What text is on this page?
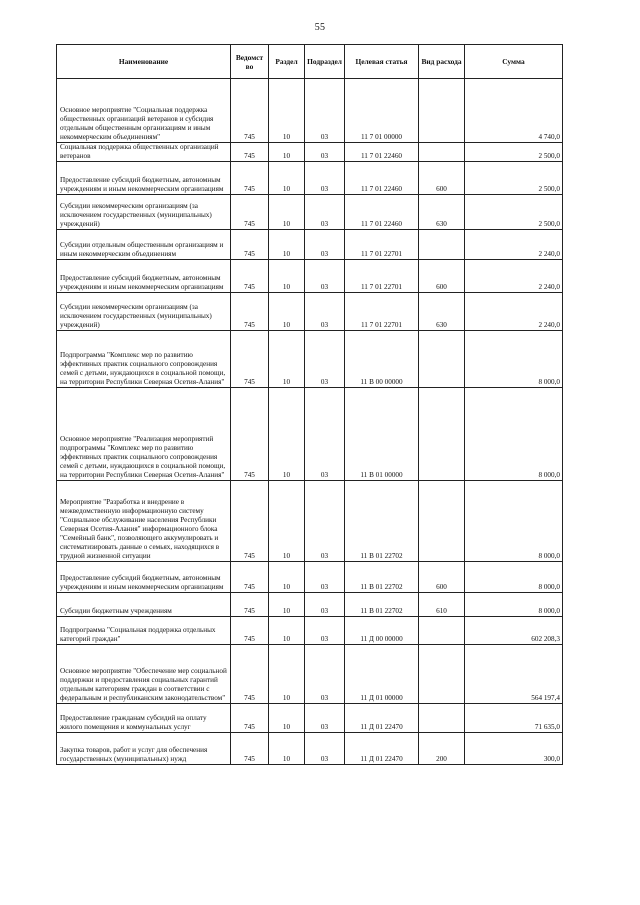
55
Наименование	Ведомст во	Раздел	Подраздел	Целевая статья	Вид расхода	Сумма
Основное мероприятие "Социальная поддержка общественных организаций ветеранов и субсидия отдельным общественным организациям и иным некоммерческим объединениям"	745	10	03	11 7 01 00000		4 740,0
Социальная поддержка общественных организаций ветеранов	745	10	03	11 7 01 22460		2 500,0
Предоставление субсидий бюджетным, автономным учреждениям и иным некоммерческим организациям	745	10	03	11 7 01 22460	600	2 500,0
Субсидии некоммерческим организациям (за исключением государственных (муниципальных) учреждений)	745	10	03	11 7 01 22460	630	2 500,0
Субсидии отдельным общественным организациям и иным некоммерческим объединениям	745	10	03	11 7 01 22701		2 240,0
Предоставление субсидий бюджетным, автономным учреждениям и иным некоммерческим организациям	745	10	03	11 7 01 22701	600	2 240,0
Субсидии некоммерческим организациям (за исключением государственных (муниципальных) учреждений)	745	10	03	11 7 01 22701	630	2 240,0
Подпрограмма "Комплекс мер по развитию эффективных практик социального сопровождения семей с детьми, нуждающихся в социальной помощи, на территории Республики Северная Осетия-Алания"	745	10	03	11 В 00 00000		8 000,0
Основное мероприятие "Реализация мероприятий подпрограммы "Комплекс мер по развитию эффективных практик социального сопровождения семей с детьми, нуждающихся в социальной помощи, на территории Республики Северная Осетия-Алания"	745	10	03	11 В 01 00000		8 000,0
Мероприятие "Разработка и внедрение в межведомственную информационную систему "Социальное обслуживание населения Республики Северная Осетия-Алания" информационного блока "Семейный банк", позволяющего аккумулировать и систематизировать данные о семьях, находящихся в трудной жизненной ситуации	745	10	03	11 В 01 22702		8 000,0
Предоставление субсидий бюджетным, автономным учреждениям и иным некоммерческим организациям	745	10	03	11 В 01 22702	600	8 000,0
Субсидии бюджетным учреждениям	745	10	03	11 В 01 22702	610	8 000,0
Подпрограмма "Социальная поддержка отдельных категорий граждан"	745	10	03	11 Д 00 00000		602 208,3
Основное мероприятие "Обеспечение мер социальной поддержки и предоставления социальных гарантий отдельным категориям граждан в соответствии с федеральным и республиканским законодательством"	745	10	03	11 Д 01 00000		564 197,4
Предоставление гражданам субсидий на оплату жилого помещения и коммунальных услуг	745	10	03	11 Д 01 22470		71 635,0
Закупка товаров, работ и услуг для обеспечения государственных (муниципальных) нужд	745	10	03	11 Д 01 22470	200	300,0
